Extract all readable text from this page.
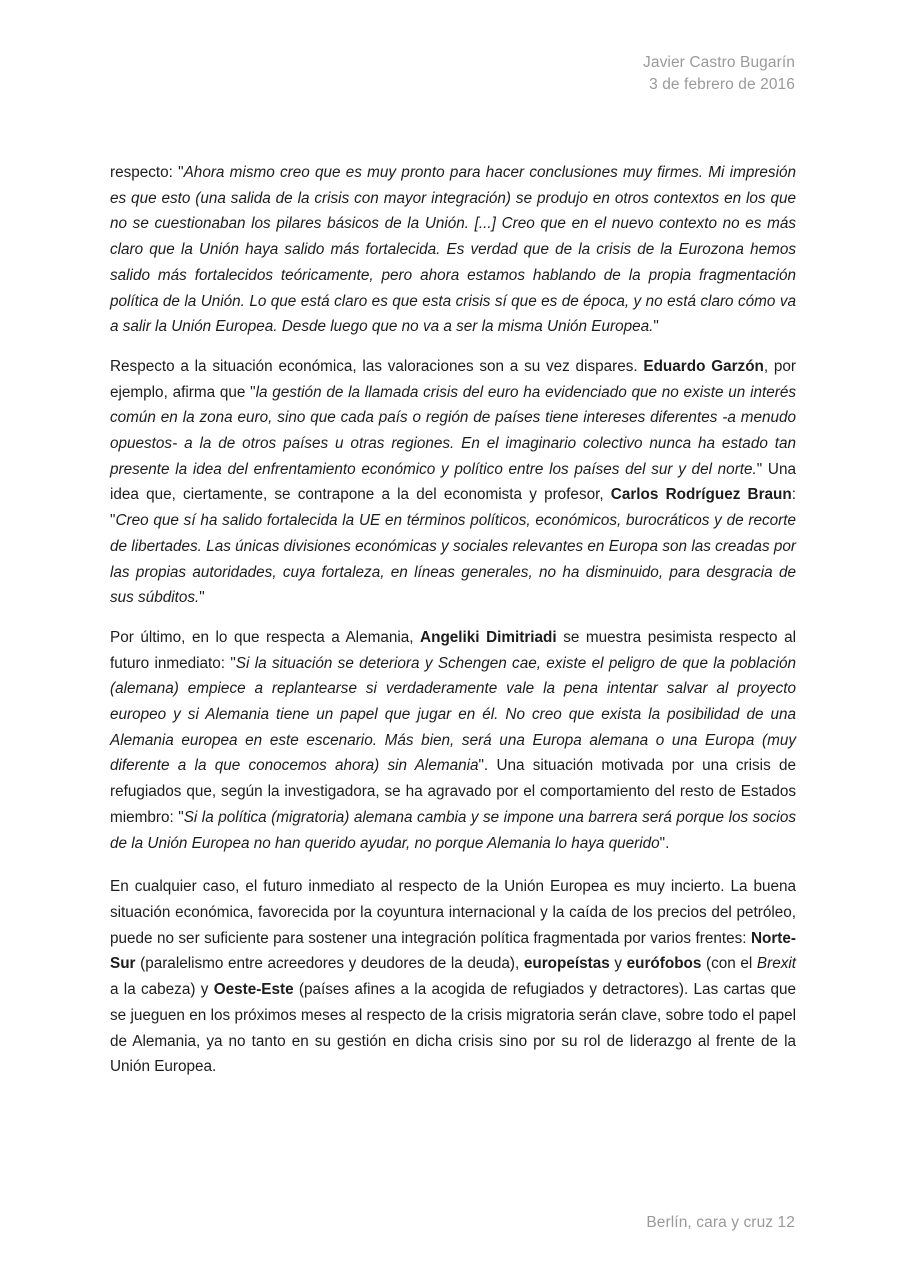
Javier Castro Bugarín
3 de febrero de 2016

respecto: "Ahora mismo creo que es muy pronto para hacer conclusiones muy firmes. Mi impresión es que esto (una salida de la crisis con mayor integración) se produjo en otros contextos en los que no se cuestionaban los pilares básicos de la Unión. [...] Creo que en el nuevo contexto no es más claro que la Unión haya salido más fortalecida. Es verdad que de la crisis de la Eurozona hemos salido más fortalecidos teóricamente, pero ahora estamos hablando de la propia fragmentación política de la Unión. Lo que está claro es que esta crisis sí que es de época, y no está claro cómo va a salir la Unión Europea. Desde luego que no va a ser la misma Unión Europea."

Respecto a la situación económica, las valoraciones son a su vez dispares. Eduardo Garzón, por ejemplo, afirma que "la gestión de la llamada crisis del euro ha evidenciado que no existe un interés común en la zona euro, sino que cada país o región de países tiene intereses diferentes -a menudo opuestos- a la de otros países u otras regiones. En el imaginario colectivo nunca ha estado tan presente la idea del enfrentamiento económico y político entre los países del sur y del norte." Una idea que, ciertamente, se contrapone a la del economista y profesor, Carlos Rodríguez Braun: "Creo que sí ha salido fortalecida la UE en términos políticos, económicos, burocráticos y de recorte de libertades. Las únicas divisiones económicas y sociales relevantes en Europa son las creadas por las propias autoridades, cuya fortaleza, en líneas generales, no ha disminuido, para desgracia de sus súbditos."

Por último, en lo que respecta a Alemania, Angeliki Dimitriadi se muestra pesimista respecto al futuro inmediato: "Si la situación se deteriora y Schengen cae, existe el peligro de que la población (alemana) empiece a replantearse si verdaderamente vale la pena intentar salvar al proyecto europeo y si Alemania tiene un papel que jugar en él. No creo que exista la posibilidad de una Alemania europea en este escenario. Más bien, será una Europa alemana o una Europa (muy diferente a la que conocemos ahora) sin Alemania". Una situación motivada por una crisis de refugiados que, según la investigadora, se ha agravado por el comportamiento del resto de Estados miembro: "Si la política (migratoria) alemana cambia y se impone una barrera será porque los socios de la Unión Europea no han querido ayudar, no porque Alemania lo haya querido".

En cualquier caso, el futuro inmediato al respecto de la Unión Europea es muy incierto. La buena situación económica, favorecida por la coyuntura internacional y la caída de los precios del petróleo, puede no ser suficiente para sostener una integración política fragmentada por varios frentes: Norte-Sur (paralelismo entre acreedores y deudores de la deuda), europeístas y eurófobos (con el Brexit a la cabeza) y Oeste-Este (países afines a la acogida de refugiados y detractores). Las cartas que se jueguen en los próximos meses al respecto de la crisis migratoria serán clave, sobre todo el papel de Alemania, ya no tanto en su gestión en dicha crisis sino por su rol de liderazgo al frente de la Unión Europea.

Berlín, cara y cruz 12
